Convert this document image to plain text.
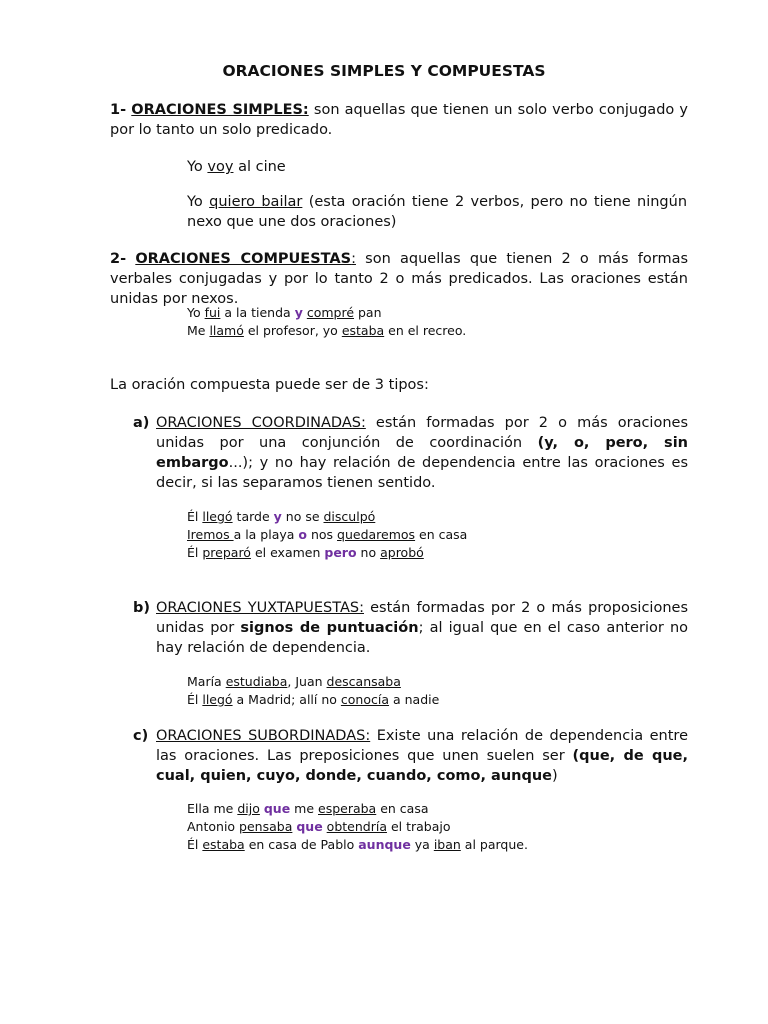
ORACIONES SIMPLES Y COMPUESTAS
1- ORACIONES SIMPLES: son aquellas que tienen un solo verbo conjugado y por lo tanto un solo predicado.
Yo voy al cine
Yo quiero bailar (esta oración tiene 2 verbos, pero no tiene ningún nexo que une dos oraciones)
2- ORACIONES COMPUESTAS: son aquellas que tienen 2 o más formas verbales conjugadas y por lo tanto 2 o más predicados. Las oraciones están unidas por nexos.
Yo fui a la tienda y compré pan
Me llamó el profesor, yo estaba en el recreo.
La oración compuesta puede ser de 3 tipos:
a) ORACIONES COORDINADAS: están formadas por 2 o más oraciones unidas por una conjunción de coordinación (y, o, pero, sin embargo...); y no hay relación de dependencia entre las oraciones es decir, si las separamos tienen sentido.
Él llegó tarde y no se disculpó
Iremos a la playa o nos quedaremos en casa
Él preparó el examen pero no aprobó
b) ORACIONES YUXTAPUESTAS: están formadas por 2 o más proposiciones unidas por signos de puntuación; al igual que en el caso anterior no hay relación de dependencia.
María estudiaba, Juan descansaba
Él llegó a Madrid; allí no conocía a nadie
c) ORACIONES SUBORDINADAS: Existe una relación de dependencia entre las oraciones. Las preposiciones que unen suelen ser (que, de que, cual, quien, cuyo, donde, cuando, como, aunque)
Ella me dijo que me esperaba en casa
Antonio pensaba que obtendría el trabajo
Él estaba en casa de Pablo aunque ya iban al parque.
